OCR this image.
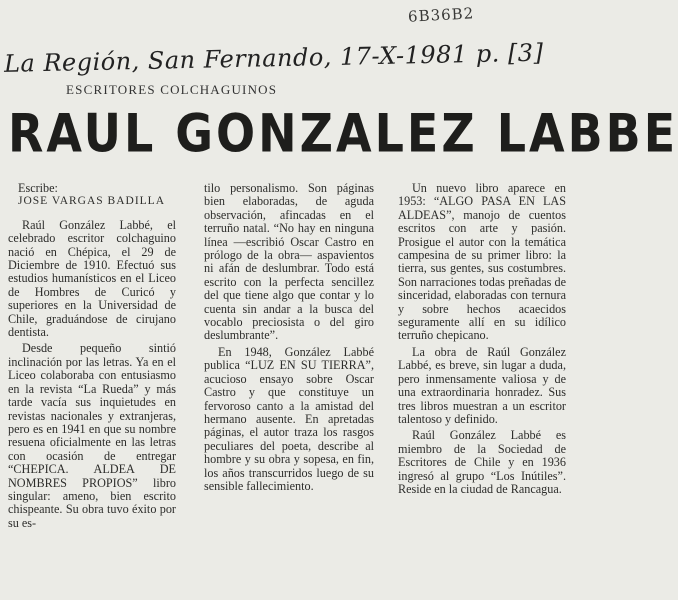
6B36B2
La Región, San Fernando, 17-X-1981 p. [3]
ESCRITORES COLCHAGUINOS
RAUL GONZALEZ LABBE
Escribe:
JOSE VARGAS BADILLA

Raúl González Labbé, el celebrado escritor colchaguino nació en Chépica, el 29 de Diciembre de 1910. Efectuó sus estudios humanísticos en el Liceo de Hombres de Curicó y superiores en la Universidad de Chile, graduándose de cirujano dentista.

Desde pequeño sintió inclinación por las letras. Ya en el Liceo colaboraba con entusiasmo en la revista “La Rueda” y más tarde vacía sus inquietudes en revistas nacionales y extranjeras, pero es en 1941 en que su nombre resuena oficialmente en las letras con ocasión de entregar “CHEPICA. ALDEA DE NOMBRES PROPIOS” libro singular: ameno, bien escrito chispeante. Su obra tuvo éxito por su es-

tilo personalismo. Son páginas bien elaboradas, de aguda observación, afincadas en el terruño natal. “No hay en ninguna línea —escribió Oscar Castro en prólogo de la obra— aspavientos ni afán de deslumbrar. Todo está escrito con la perfecta sencillez del que tiene algo que contar y lo cuenta sin andar a la busca del vocablo preciosista o del giro deslumbrante”.

En 1948, González Labbé publica “LUZ EN SU TIERRA”, acucioso ensayo sobre Oscar Castro y que constituye un fervoroso canto a la amistad del hermano ausente. En apretadas páginas, el autor traza los rasgos peculiares del poeta, describe al hombre y su obra y sopesa, en fin, los años transcurridos luego de su sensible fallecimiento.

Un nuevo libro aparece en 1953: “ALGO PASA EN LAS ALDEAS”, manojo de cuentos escritos con arte y pasión. Prosigue el autor con la temática campesina de su primer libro: la tierra, sus gentes, sus costumbres. Son narraciones todas preñadas de sinceridad, elaboradas con ternura y sobre hechos acaecidos seguramente allí en su idílico terruño chepicano.

La obra de Raúl González Labbé, es breve, sin lugar a duda, pero inmensamente valiosa y de una extraordinaria honradez. Sus tres libros muestran a un escritor talentoso y definido.

Raúl González Labbé es miembro de la Sociedad de Escritores de Chile y en 1936 ingresó al grupo “Los Inútiles”. Reside en la ciudad de Rancagua.
